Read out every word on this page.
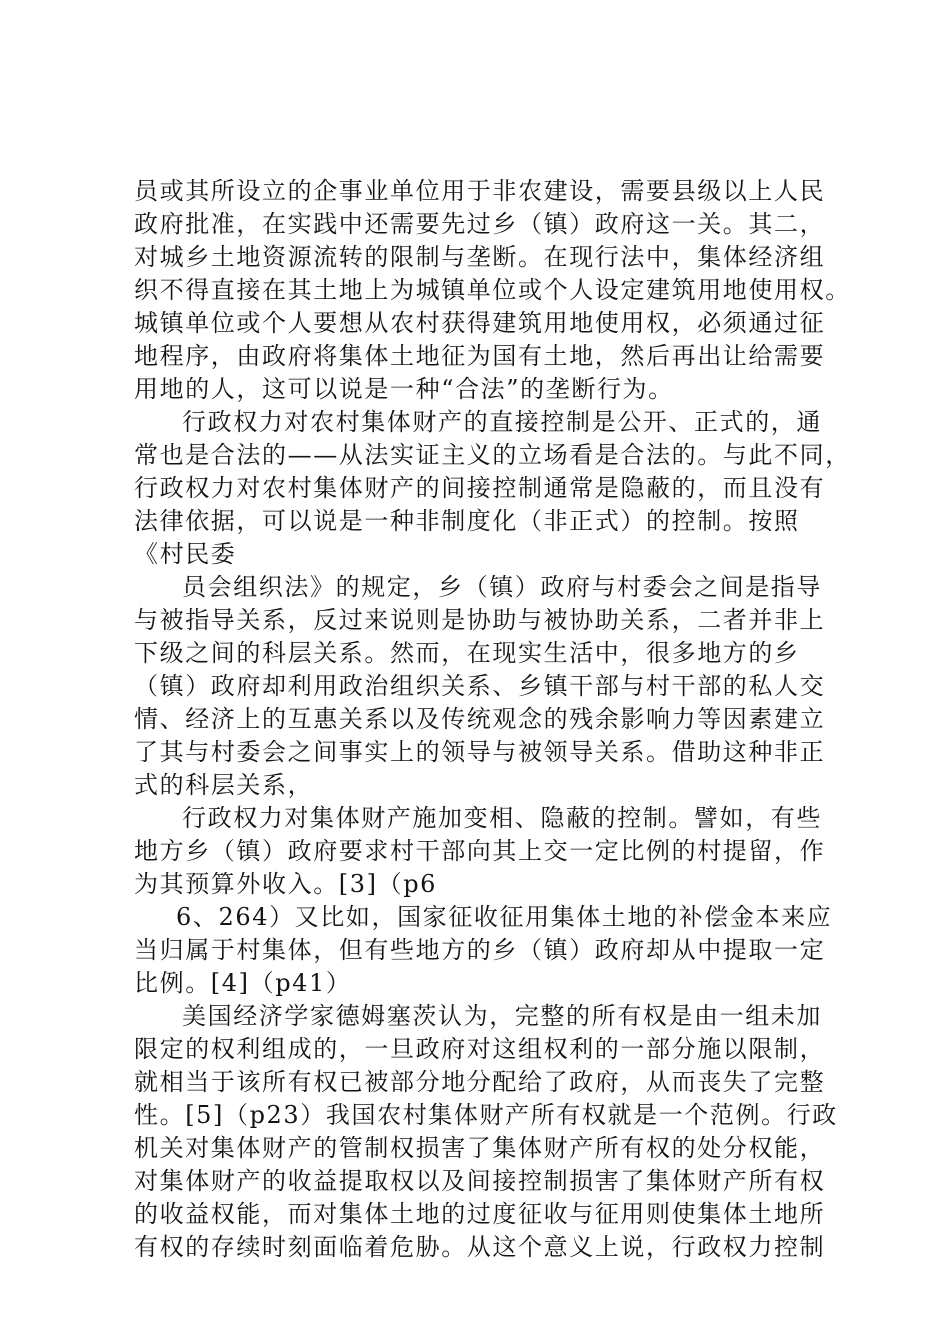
员或其所设立的企事业单位用于非农建设，需要县级以上人民
政府批准，在实践中还需要先过乡（镇）政府这一关。其二，
对城乡土地资源流转的限制与垄断。在现行法中，集体经济组
织不得直接在其土地上为城镇单位或个人设定建筑用地使用权。
城镇单位或个人要想从农村获得建筑用地使用权，必须通过征
地程序，由政府将集体土地征为国有土地，然后再出让给需要
用地的人，这可以说是一种“合法”的垄断行为。
行政权力对农村集体财产的直接控制是公开、正式的，通
常也是合法的——从法实证主义的立场看是合法的。与此不同，
行政权力对农村集体财产的间接控制通常是隐蔽的，而且没有
法律依据，可以说是一种非制度化（非正式）的控制。按照
《村民委
员会组织法》的规定，乡（镇）政府与村委会之间是指导
与被指导关系，反过来说则是协助与被协助关系，二者并非上
下级之间的科层关系。然而，在现实生活中，很多地方的乡
（镇）政府却利用政治组织关系、乡镇干部与村干部的私人交
情、经济上的互惠关系以及传统观念的残余影响力等因素建立
了其与村委会之间事实上的领导与被领导关系。借助这种非正
式的科层关系，
行政权力对集体财产施加变相、隐蔽的控制。譬如，有些
地方乡（镇）政府要求村干部向其上交一定比例的村提留，作
为其预算外收入。[3]（p6
6、264）又比如，国家征收征用集体土地的补偿金本来应
当归属于村集体，但有些地方的乡（镇）政府却从中提取一定
比例。[4]（p41）
美国经济学家德姆塞茨认为，完整的所有权是由一组未加
限定的权利组成的，一旦政府对这组权利的一部分施以限制，
就相当于该所有权已被部分地分配给了政府，从而丧失了完整
性。[5]（p23）我国农村集体财产所有权就是一个范例。行政
机关对集体财产的管制权损害了集体财产所有权的处分权能，
对集体财产的收益提取权以及间接控制损害了集体财产所有权
的收益权能，而对集体土地的过度征收与征用则使集体土地所
有权的存续时刻面临着危胁。从这个意义上说，行政权力控制
